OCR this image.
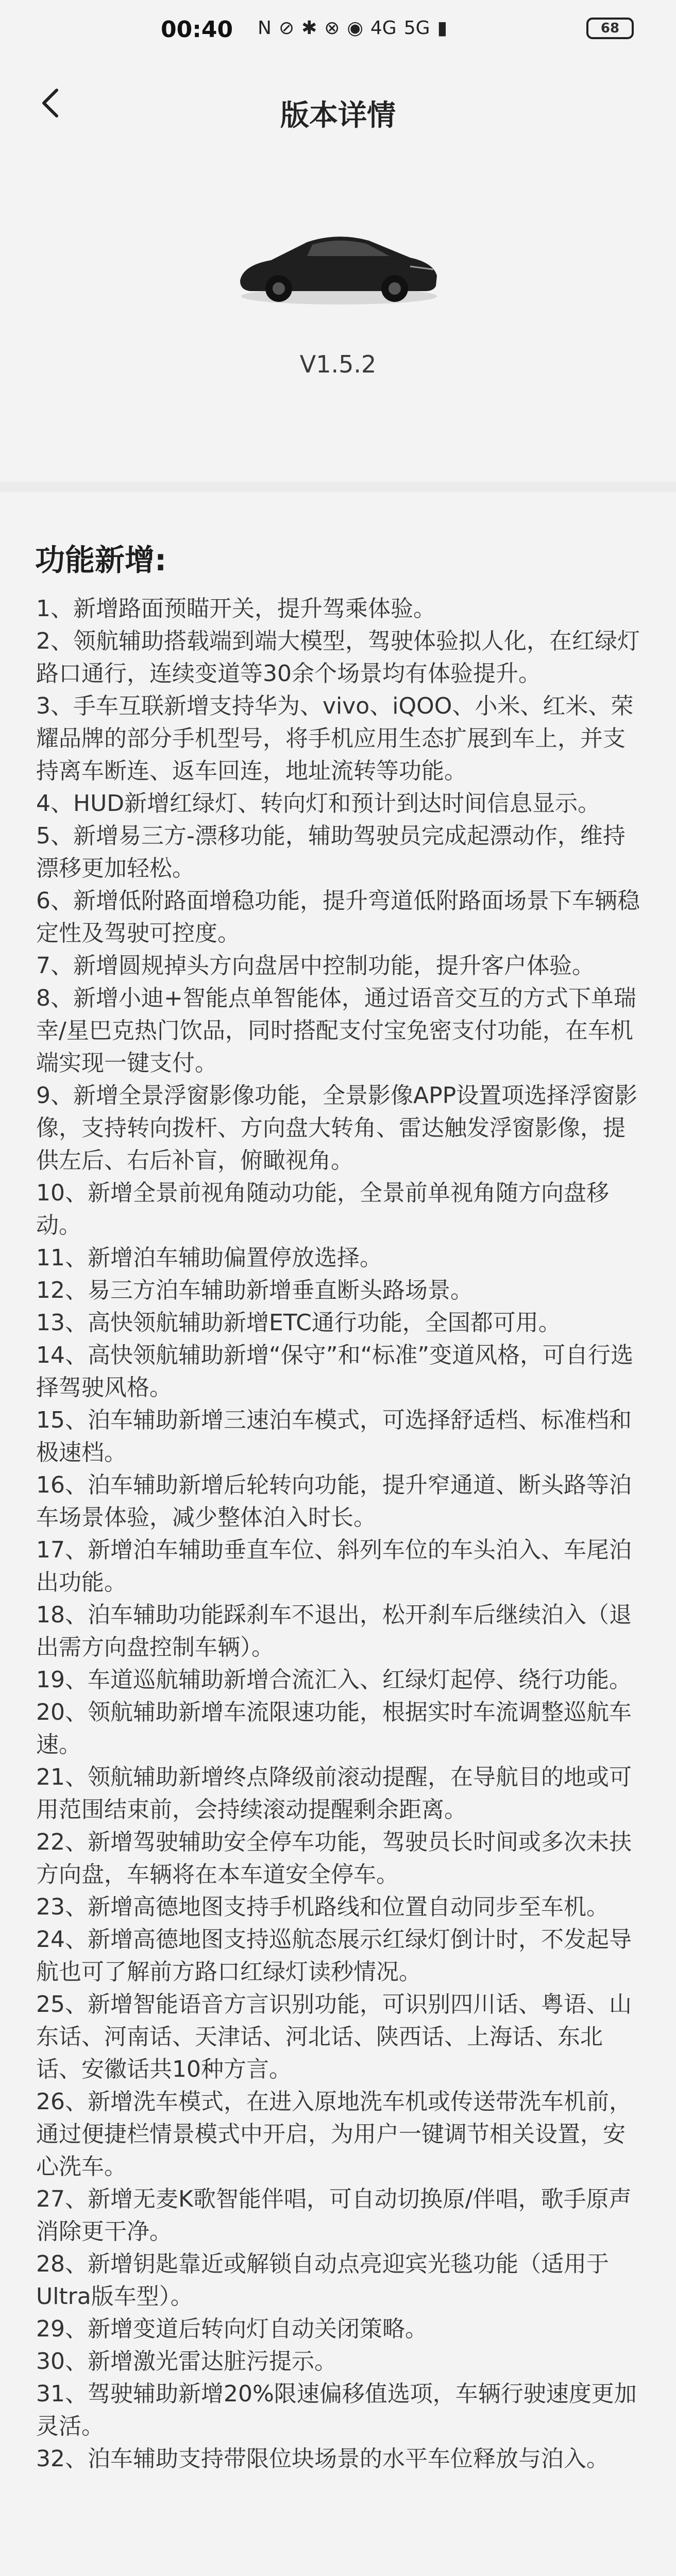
00:40 N ⊘ ✱ ⊗ ◉ 4G 5G ▮	68
版本详情
V1.5.2
功能新增:
1、新增路面预瞄开关，提升驾乘体验。
2、领航辅助搭载端到端大模型，驾驶体验拟人化，在红绿灯路口通行，连续变道等30余个场景均有体验提升。
3、手车互联新增支持华为、vivo、iQOO、小米、红米、荣耀品牌的部分手机型号，将手机应用生态扩展到车上，并支持离车断连、返车回连，地址流转等功能。
4、HUD新增红绿灯、转向灯和预计到达时间信息显示。
5、新增易三方-漂移功能，辅助驾驶员完成起漂动作，维持漂移更加轻松。
6、新增低附路面增稳功能，提升弯道低附路面场景下车辆稳定性及驾驶可控度。
7、新增圆规掉头方向盘居中控制功能，提升客户体验。
8、新增小迪+智能点单智能体，通过语音交互的方式下单瑞幸/星巴克热门饮品，同时搭配支付宝免密支付功能，在车机端实现一键支付。
9、新增全景浮窗影像功能，全景影像APP设置项选择浮窗影像，支持转向拨杆、方向盘大转角、雷达触发浮窗影像，提供左后、右后补盲，俯瞰视角。
10、新增全景前视角随动功能，全景前单视角随方向盘移动。
11、新增泊车辅助偏置停放选择。
12、易三方泊车辅助新增垂直断头路场景。
13、高快领航辅助新增ETC通行功能，全国都可用。
14、高快领航辅助新增“保守”和“标准”变道风格，可自行选择驾驶风格。
15、泊车辅助新增三速泊车模式，可选择舒适档、标准档和极速档。
16、泊车辅助新增后轮转向功能，提升窄通道、断头路等泊车场景体验，减少整体泊入时长。
17、新增泊车辅助垂直车位、斜列车位的车头泊入、车尾泊出功能。
18、泊车辅助功能踩刹车不退出，松开刹车后继续泊入（退出需方向盘控制车辆）。
19、车道巡航辅助新增合流汇入、红绿灯起停、绕行功能。
20、领航辅助新增车流限速功能，根据实时车流调整巡航车速。
21、领航辅助新增终点降级前滚动提醒，在导航目的地或可用范围结束前，会持续滚动提醒剩余距离。
22、新增驾驶辅助安全停车功能，驾驶员长时间或多次未扶方向盘，车辆将在本车道安全停车。
23、新增高德地图支持手机路线和位置自动同步至车机。
24、新增高德地图支持巡航态展示红绿灯倒计时，不发起导航也可了解前方路口红绿灯读秒情况。
25、新增智能语音方言识别功能，可识别四川话、粤语、山东话、河南话、天津话、河北话、陕西话、上海话、东北话、安徽话共10种方言。
26、新增洗车模式，在进入原地洗车机或传送带洗车机前，通过便捷栏情景模式中开启，为用户一键调节相关设置，安心洗车。
27、新增无麦K歌智能伴唱，可自动切换原/伴唱，歌手原声消除更干净。
28、新增钥匙靠近或解锁自动点亮迎宾光毯功能（适用于Ultra版车型）。
29、新增变道后转向灯自动关闭策略。
30、新增激光雷达脏污提示。
31、驾驶辅助新增20%限速偏移值选项，车辆行驶速度更加灵活。
32、泊车辅助支持带限位块场景的水平车位释放与泊入。
